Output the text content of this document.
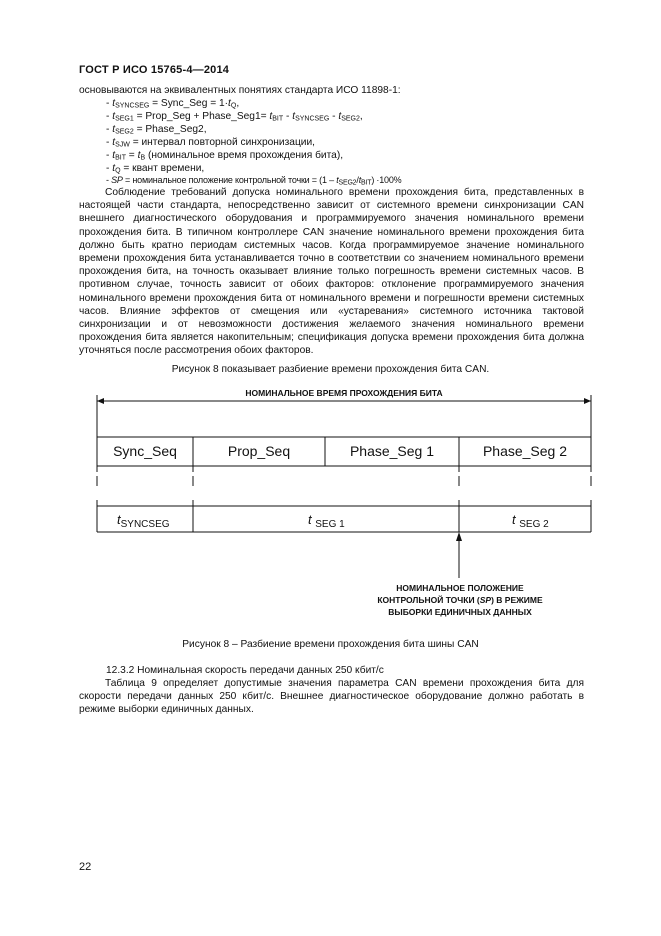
ГОСТ Р ИСО 15765-4—2014
основываются на эквивалентных понятиях стандарта ИСО 11898-1:
- $t_{SYNCSEG}$ = Sync_Seg = $1\cdot t_Q$,
- $t_{SEG1}$ = Prop_Seg + Phase_Seg1= $t_{BIT} - t_{SYNCSEG} - t_{SEG2}$,
- $t_{SEG2}$ = Phase_Seg2,
- $t_{SJW}$ = интервал повторной синхронизации,
- $t_{BIT} = t_B$ (номинальное время прохождения бита),
- $t_Q$ = квант времени,
- SP = номинальное положение контрольной точки = $(1 - t_{SEG2}/t_{BIT}) \cdot 100\%$
Соблюдение требований допуска номинального времени прохождения бита, представленных в настоящей части стандарта, непосредственно зависит от системного времени синхронизации CAN внешнего диагностического оборудования и программируемого значения номинального времени прохождения бита. В типичном контроллере CAN значение номинального времени прохождения бита должно быть кратно периодам системных часов. Когда программируемое значение номинального времени прохождения бита устанавливается точно в соответствии со значением номинального времени прохождения бита, на точность оказывает влияние только погрешность времени системных часов. В противном случае, точность зависит от обоих факторов: отклонение программируемого значения номинального времени прохождения бита от номинального времени и погрешности времени системных часов. Влияние эффектов от смещения или «устаревания» системного источника тактовой синхронизации и от невозможности достижения желаемого значения номинального времени прохождения бита является накопительным; спецификация допуска времени прохождения бита должна уточняться после рассмотрения обоих факторов.
Рисунок 8 показывает разбиение времени прохождения бита CAN.
НОМИНАЛЬНОЕ ВРЕМЯ ПРОХОЖДЕНИЯ БИТА
Sync_Seq	Prop_Seq	Phase_Seg 1	Phase_Seg 2
$t_{SYNCSEG}$	t $_{SEG 1}$	t $_{SEG 2}$
НОМИНАЛЬНОЕ ПОЛОЖЕНИЕ
КОНТРОЛЬНОЙ ТОЧКИ (SP) В РЕЖИМЕ
ВЫБОРКИ ЕДИНИЧНЫХ ДАННЫХ
Рисунок 8 – Разбиение времени прохождения бита шины CAN
12.3.2 Номинальная скорость передачи данных 250 кбит/с
Таблица 9 определяет допустимые значения параметра CAN времени прохождения бита для скорости передачи данных 250 кбит/с. Внешнее диагностическое оборудование должно работать в режиме выборки единичных данных.
22
